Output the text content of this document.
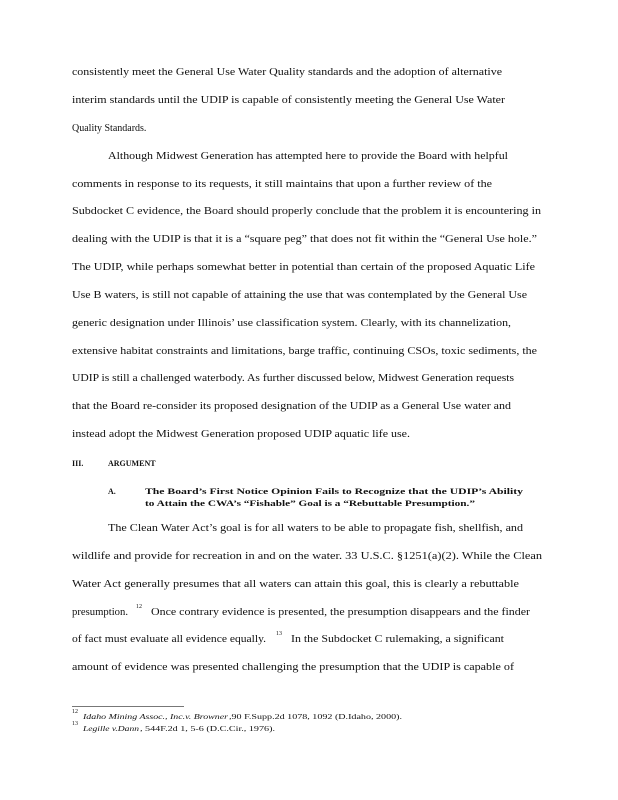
consistently meet the General Use Water Quality standards and the adoption of alternative
interim standards until the UDIP is capable of consistently meeting the General Use Water
Quality Standards.
Although Midwest Generation has attempted here to provide the Board with helpful
comments in response to its requests, it still maintains that upon a further review of the
Subdocket C evidence, the Board should properly conclude that the problem it is encountering in
dealing with the UDIP is that it is a “square peg” that does not fit within the “General Use hole.”
The UDIP, while perhaps somewhat better in potential than certain of the proposed Aquatic Life
Use B waters, is still not capable of attaining the use that was contemplated by the General Use
generic designation under Illinois’ use classification system. Clearly, with its channelization,
extensive habitat constraints and limitations, barge traffic, continuing CSOs, toxic sediments, the
UDIP is still a challenged waterbody. As further discussed below, Midwest Generation requests
that the Board re-consider its proposed designation of the UDIP as a General Use water and
instead adopt the Midwest Generation proposed UDIP aquatic life use.
III.	ARGUMENT
A.	The Board’s First Notice Opinion Fails to Recognize that the UDIP’s Ability
to Attain the CWA’s “Fishable” Goal is a “Rebuttable Presumption.”
The Clean Water Act’s goal is for all waters to be able to propagate fish, shellfish, and
wildlife and provide for recreation in and on the water. 33 U.S.C. §1251(a)(2). While the Clean
Water Act generally presumes that all waters can attain this goal, this is clearly a rebuttable
presumption. 12 Once contrary evidence is presented, the presumption disappears and the finder
of fact must evaluate all evidence equally. 13 In the Subdocket C rulemaking, a significant
amount of evidence was presented challenging the presumption that the UDIP is capable of
12 Idaho Mining Assoc., Inc.v. Browner ,90 F.Supp.2d 1078, 1092 (D.Idaho, 2000).
13 Legille v.Dann , 544F.2d 1, 5-6 (D.C.Cir., 1976).
